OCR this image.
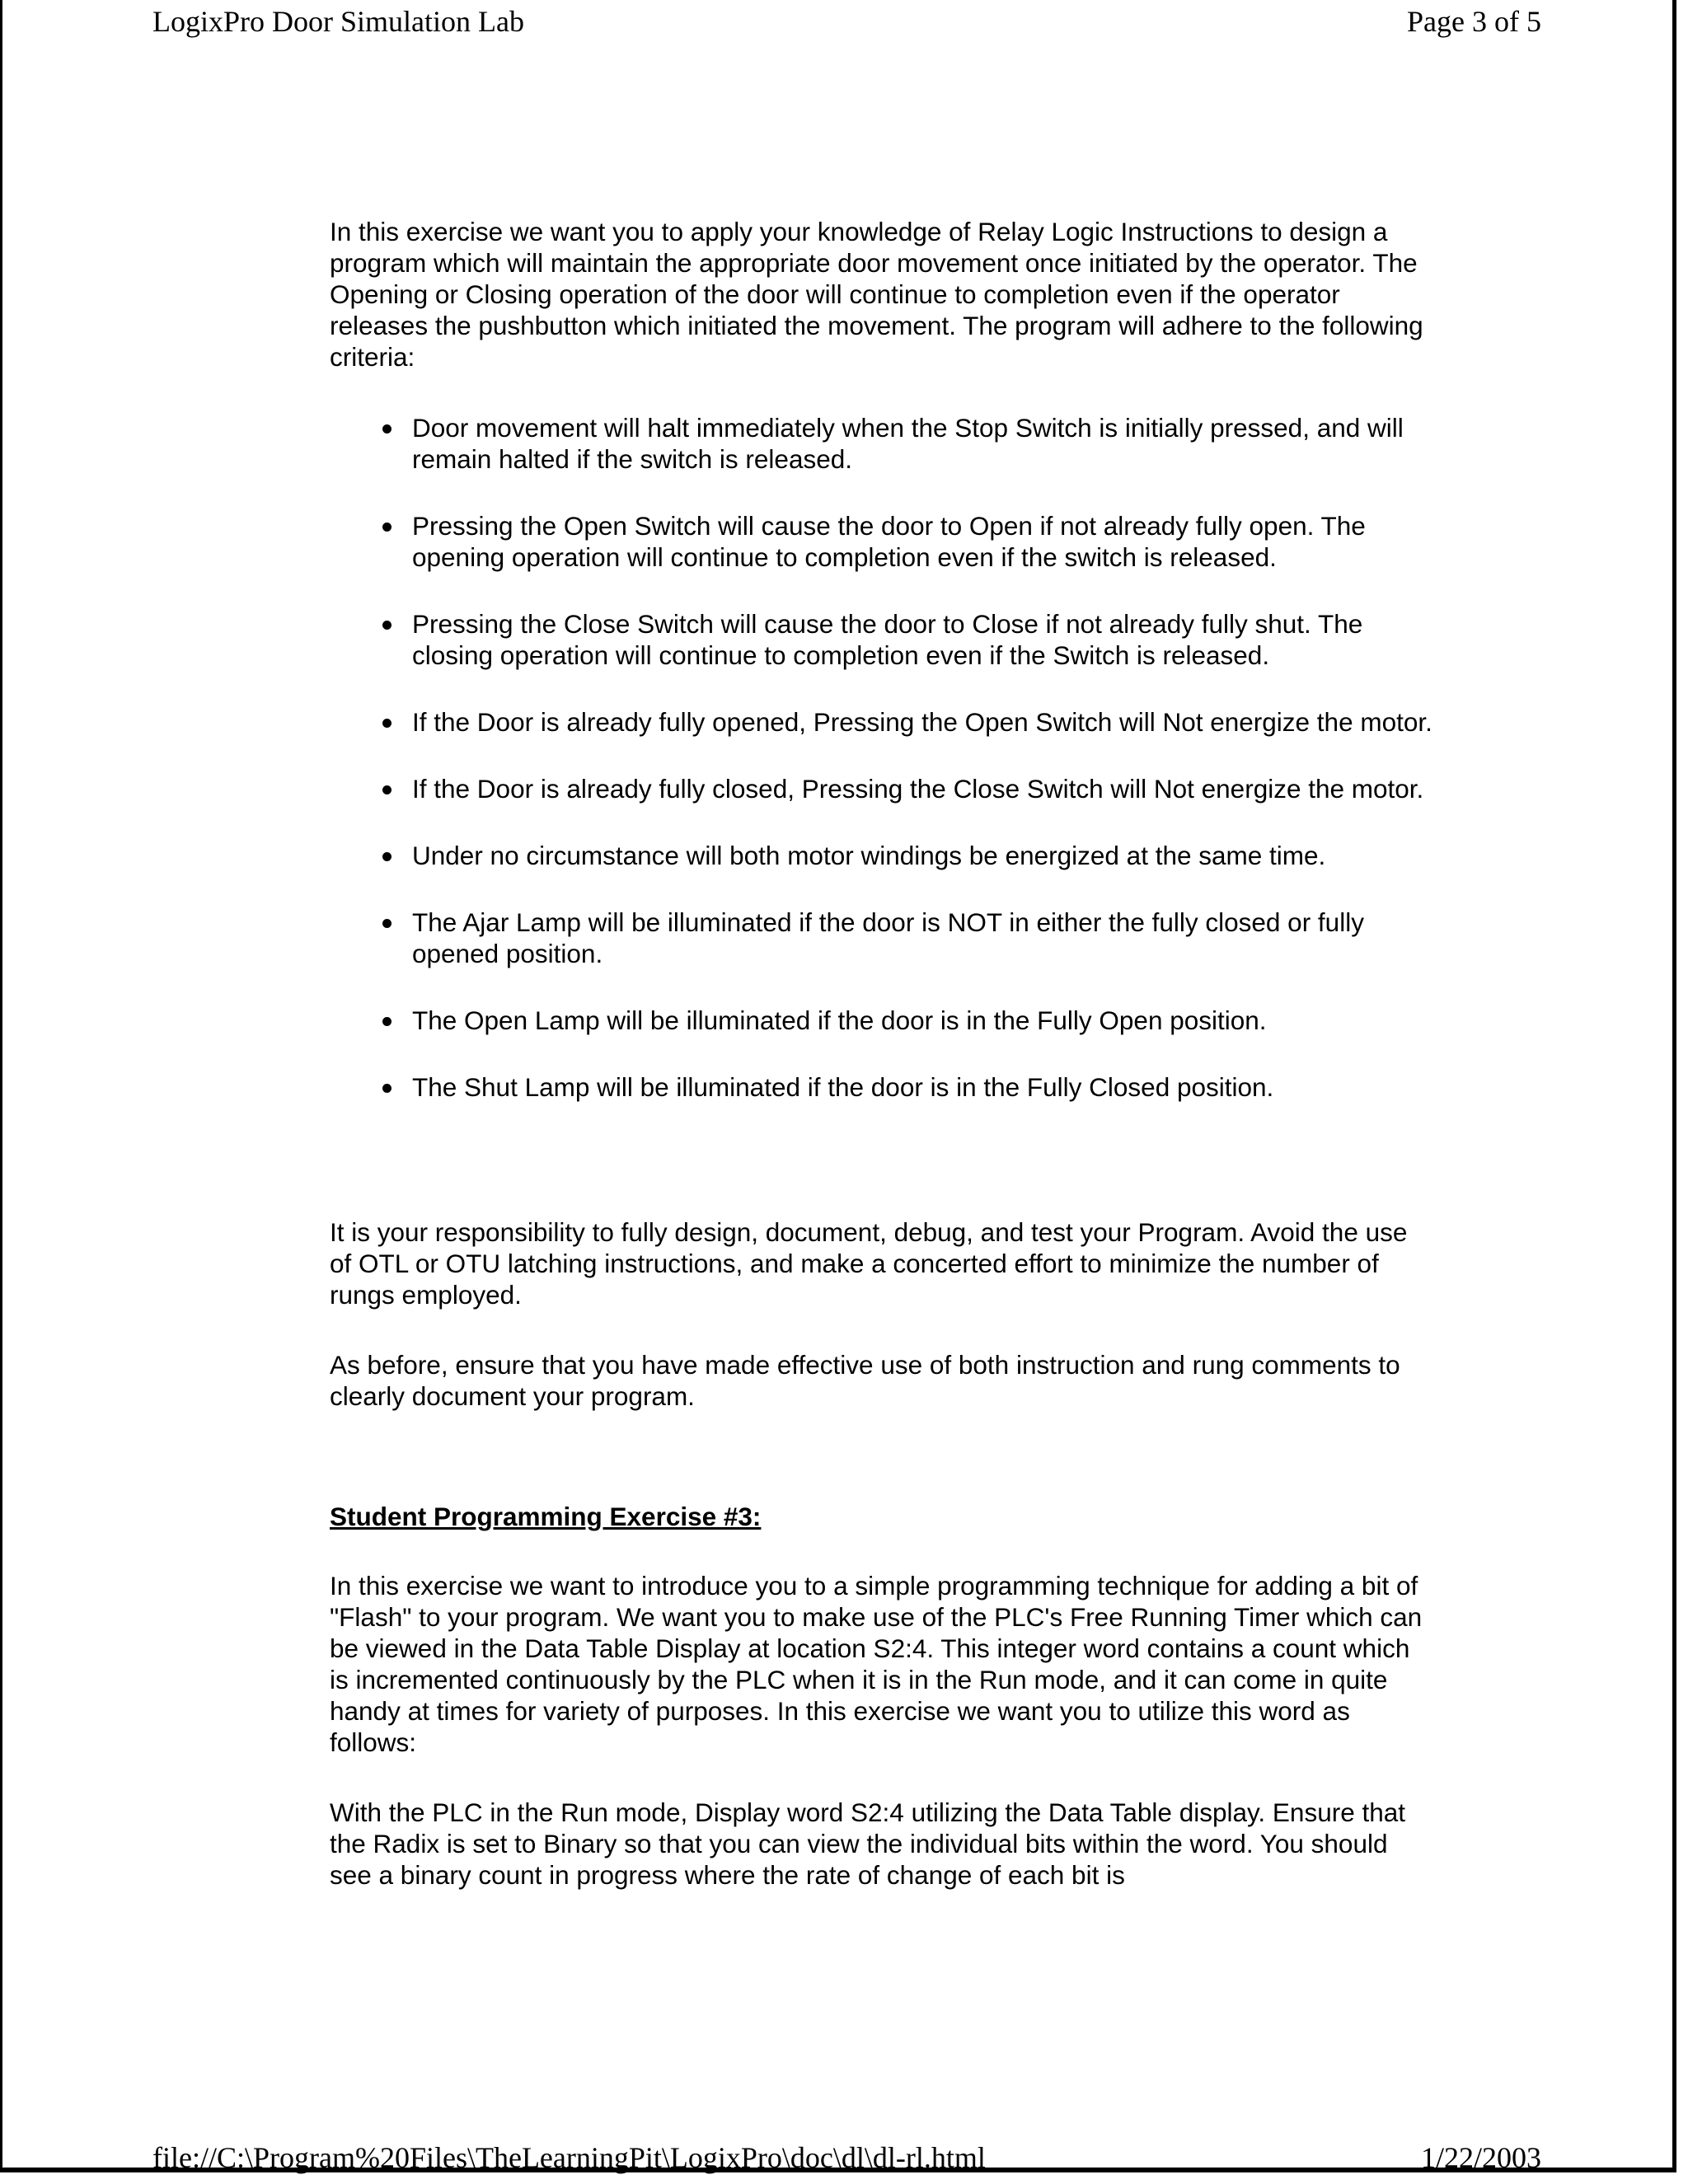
LogixPro Door Simulation Lab	Page 3 of 5

In this exercise we want you to apply your knowledge of Relay Logic Instructions to design a program which will maintain the appropriate door movement once initiated by the operator. The Opening or Closing operation of the door will continue to completion even if the operator releases the pushbutton which initiated the movement. The program will adhere to the following criteria:

Door movement will halt immediately when the Stop Switch is initially pressed, and will remain halted if the switch is released.
Pressing the Open Switch will cause the door to Open if not already fully open. The opening operation will continue to completion even if the switch is released.
Pressing the Close Switch will cause the door to Close if not already fully shut. The closing operation will continue to completion even if the Switch is released.
If the Door is already fully opened, Pressing the Open Switch will Not energize the motor.
If the Door is already fully closed, Pressing the Close Switch will Not energize the motor.
Under no circumstance will both motor windings be energized at the same time.
The Ajar Lamp will be illuminated if the door is NOT in either the fully closed or fully opened position.
The Open Lamp will be illuminated if the door is in the Fully Open position.
The Shut Lamp will be illuminated if the door is in the Fully Closed position.

It is your responsibility to fully design, document, debug, and test your Program. Avoid the use of OTL or OTU latching instructions, and make a concerted effort to minimize the number of rungs employed.

As before, ensure that you have made effective use of both instruction and rung comments to clearly document your program.

Student Programming Exercise #3:

In this exercise we want to introduce you to a simple programming technique for adding a bit of "Flash" to your program. We want you to make use of the PLC's Free Running Timer which can be viewed in the Data Table Display at location S2:4. This integer word contains a count which is incremented continuously by the PLC when it is in the Run mode, and it can come in quite handy at times for variety of purposes. In this exercise we want you to utilize this word as follows:

With the PLC in the Run mode, Display word S2:4 utilizing the Data Table display. Ensure that the Radix is set to Binary so that you can view the individual bits within the word. You should see a binary count in progress where the rate of change of each bit is

file://C:\Program%20Files\TheLearningPit\LogixPro\doc\dl\dl-rl.html	1/22/2003
